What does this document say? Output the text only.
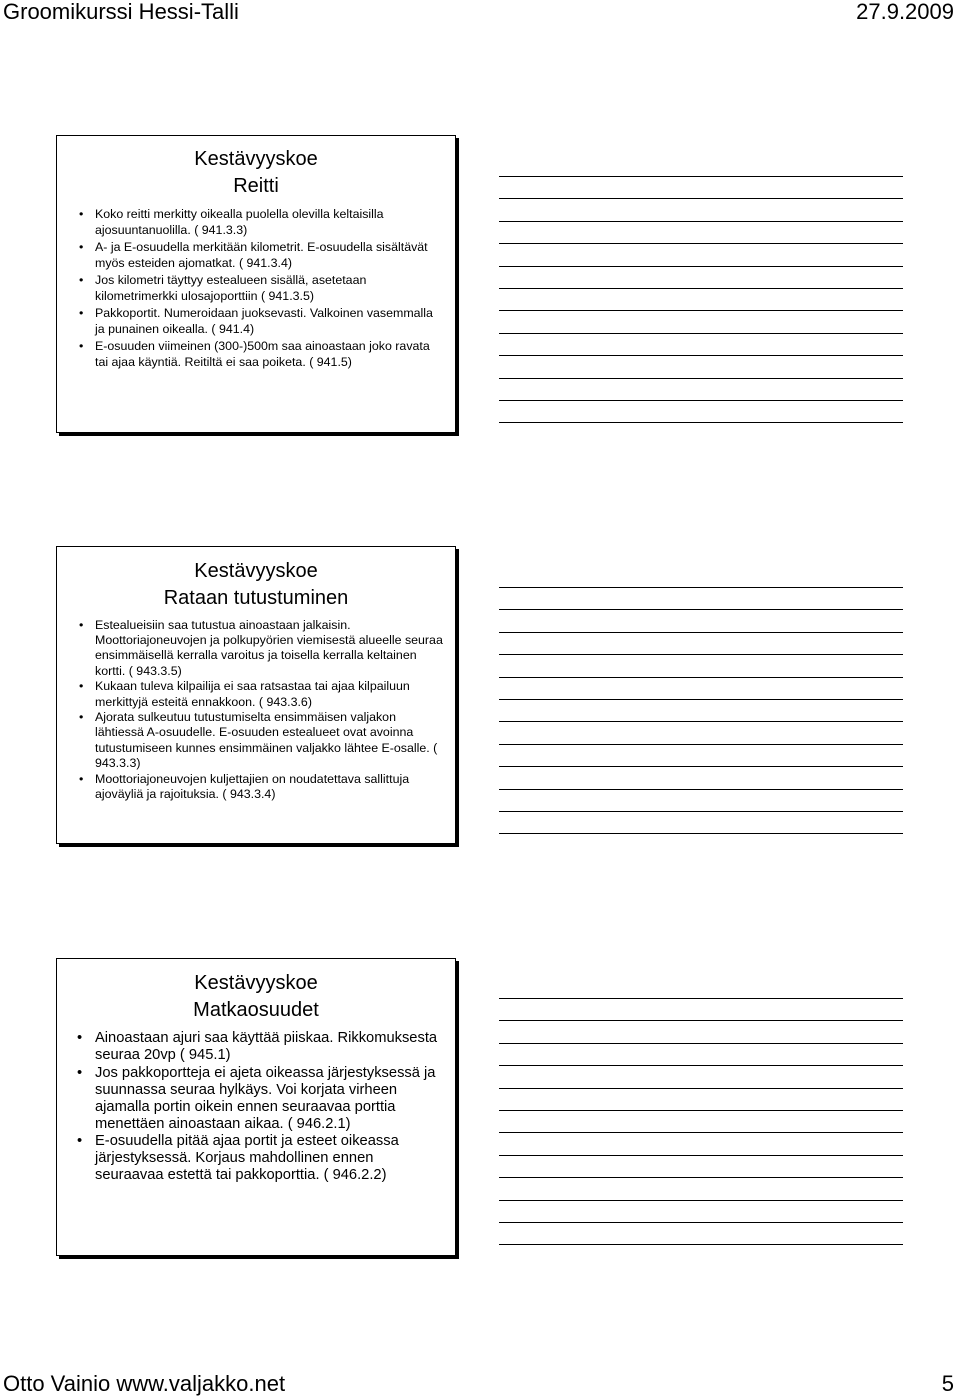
Groomikurssi Hessi-Talli	27.9.2009
Kestävyyskoe
Reitti
• Koko reitti merkitty oikealla puolella olevilla keltaisilla ajosuuntanuolilla. ( 941.3.3)
• A- ja E-osuudella merkitään kilometrit. E-osuudella sisältävät myös esteiden ajomatkat. ( 941.3.4)
• Jos kilometri täyttyy estealueen sisällä, asetetaan kilometrimerkki ulosajoporttiin ( 941.3.5)
• Pakkoportit. Numeroidaan juoksevasti. Valkoinen vasemmalla ja punainen oikealla. ( 941.4)
• E-osuuden viimeinen (300-)500m saa ainoastaan joko ravata tai ajaa käyntiä. Reitiltä ei saa poiketa. ( 941.5)
Kestävyyskoe
Rataan tutustuminen
• Estealueisiin saa tutustua ainoastaan jalkaisin. Moottoriajoneuvojen ja polkupyörien viemisestä alueelle seuraa ensimmäisellä kerralla varoitus ja toisella kerralla keltainen kortti. ( 943.3.5)
• Kukaan tuleva kilpailija ei saa ratsastaa tai ajaa kilpailuun merkittyjä esteitä ennakkoon. ( 943.3.6)
• Ajorata sulkeutuu tutustumiselta ensimmäisen valjakon lähtiessä A-osuudelle. E-osuuden estealueet ovat avoinna tutustumiseen kunnes ensimmäinen valjakko lähtee E-osalle. ( 943.3.3)
• Moottoriajoneuvojen kuljettajien on noudatettava sallittuja ajoväyliä ja rajoituksia. ( 943.3.4)
Kestävyyskoe
Matkaosuudet
• Ainoastaan ajuri saa käyttää piiskaa. Rikkomuksesta seuraa 20vp ( 945.1)
• Jos pakkoportteja ei ajeta oikeassa järjestyksessä ja suunnassa seuraa hylkäys. Voi korjata virheen ajamalla portin oikein ennen seuraavaa porttia menettäen ainoastaan aikaa. ( 946.2.1)
• E-osuudella pitää ajaa portit ja esteet oikeassa järjestyksessä. Korjaus mahdollinen ennen seuraavaa estettä tai pakkoporttia. ( 946.2.2)
Otto Vainio www.valjakko.net	5
